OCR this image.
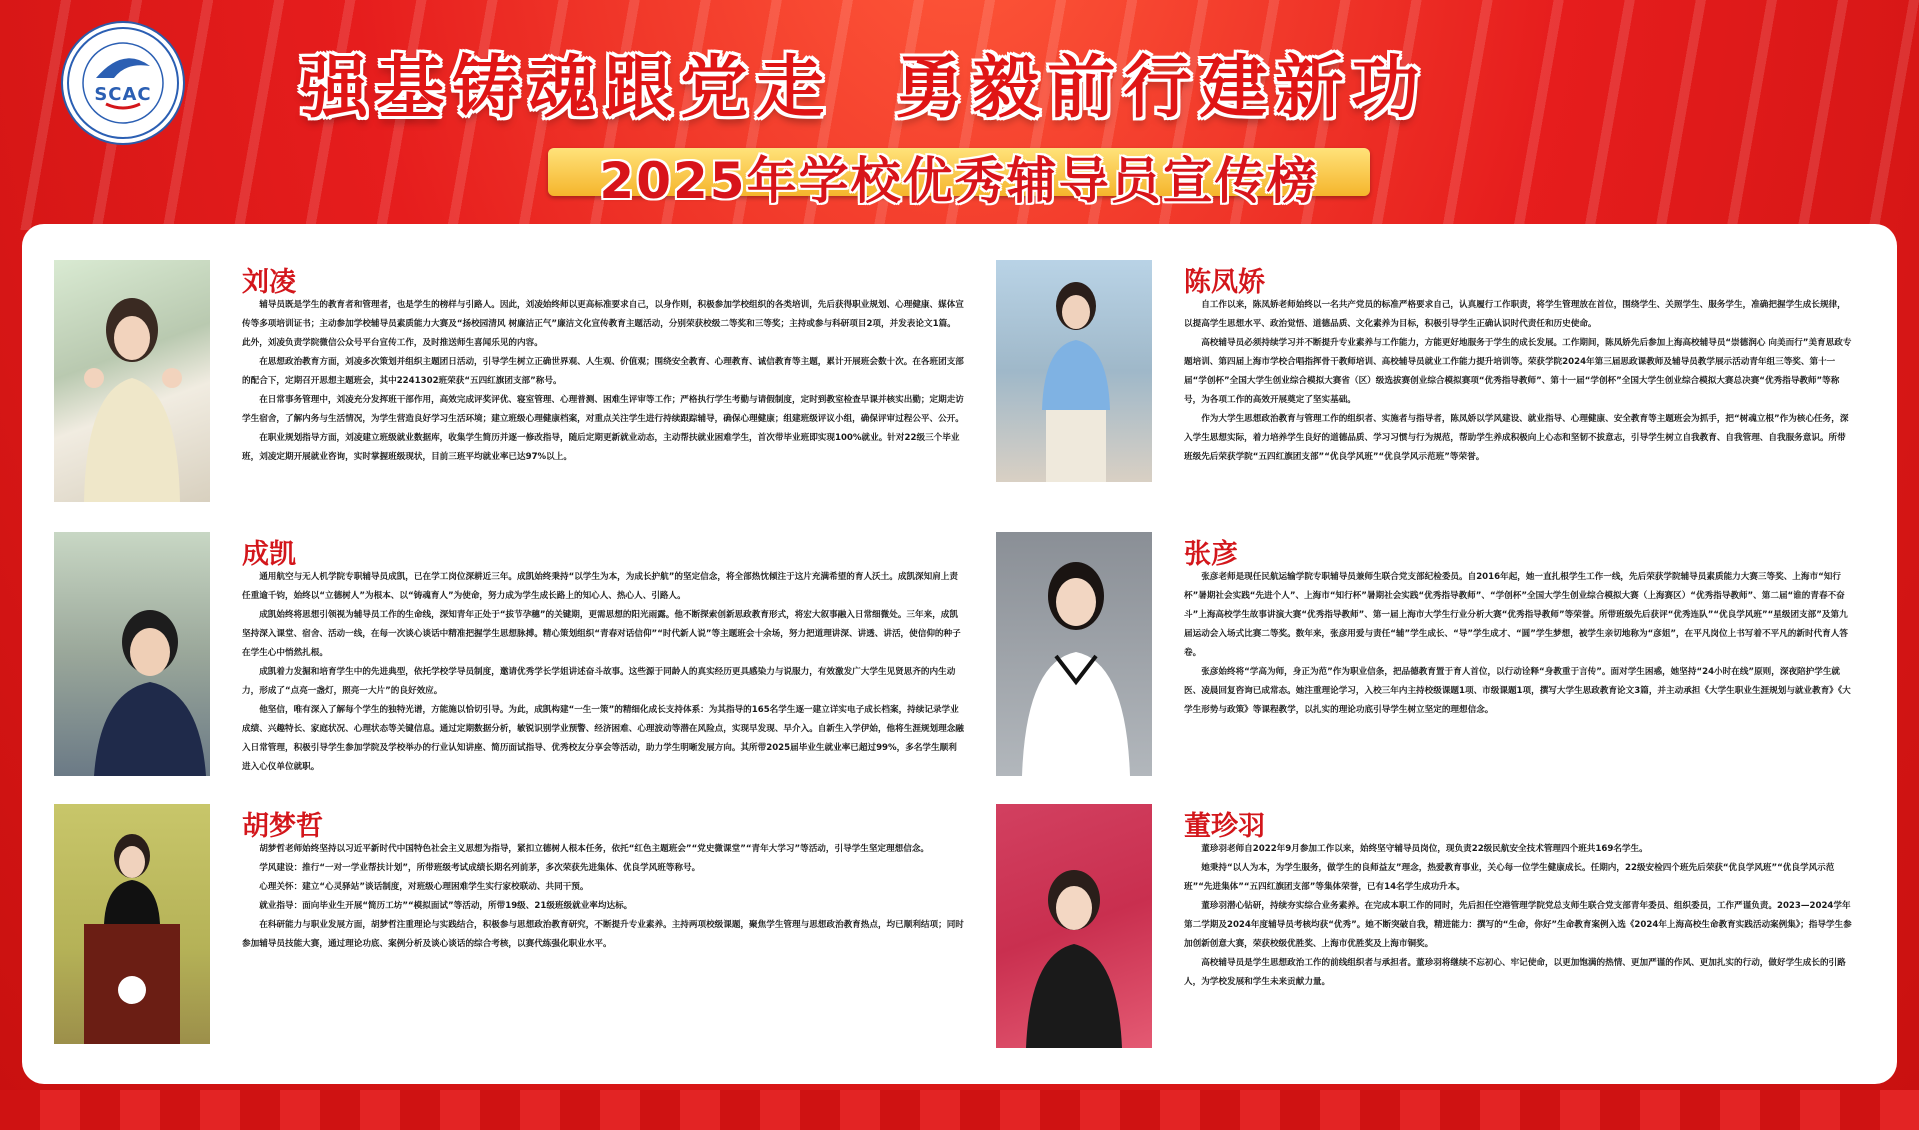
SCAC	强基铸魂跟党走 勇毅前行建新功
2025年学校优秀辅导员宣传榜
刘凌

辅导员既是学生的教育者和管理者，也是学生的榜样与引路人。因此，刘凌始终师以更高标准要求自己，以身作则，积极参加学校组织的各类培训，先后获得职业规划、心理健康、媒体宣传等多项培训证书；主动参加学校辅导员素质能力大赛及“扬校园清风 树廉洁正气”廉洁文化宣传教育主题活动，分别荣获校级二等奖和三等奖；主持或参与科研项目2项，并发表论文1篇。此外，刘凌负责学院微信公众号平台宣传工作，及时推送师生喜闻乐见的内容。

在思想政治教育方面，刘凌多次策划并组织主题团日活动，引导学生树立正确世界观、人生观、价值观；围绕安全教育、心理教育、诚信教育等主题，累计开展班会数十次。在各班团支部的配合下，定期召开思想主题班会，其中2241302班荣获“五四红旗团支部”称号。

在日常事务管理中，刘凌充分发挥班干部作用，高效完成评奖评优、寝室管理、心理普测、困难生评审等工作；严格执行学生考勤与请假制度，定时到教室检查早课并核实出勤；定期走访学生宿舍，了解内务与生活情况，为学生营造良好学习生活环境；建立班级心理健康档案，对重点关注学生进行持续跟踪辅导，确保心理健康；组建班级评议小组，确保评审过程公平、公开。

在职业规划指导方面，刘凌建立班级就业数据库，收集学生简历并逐一修改指导，随后定期更新就业动态，主动帮扶就业困难学生，首次带毕业班即实现100%就业。针对22级三个毕业班，刘凌定期开展就业咨询，实时掌握班级现状，目前三班平均就业率已达97%以上。

成凯

通用航空与无人机学院专职辅导员成凯，已在学工岗位深耕近三年。成凯始终秉持“以学生为本，为成长护航”的坚定信念，将全部热忱倾注于这片充满希望的育人沃土。成凯深知肩上责任重逾千钧，始终以“立德树人”为根本、以“铸魂育人”为使命，努力成为学生成长路上的知心人、热心人、引路人。

成凯始终将思想引领视为辅导员工作的生命线，深知青年正处于“拔节孕穗”的关键期，更需思想的阳光雨露。他不断探索创新思政教育形式，将宏大叙事融入日常细微处。三年来，成凯坚持深入课堂、宿舍、活动一线，在每一次谈心谈话中精准把握学生思想脉搏。精心策划组织“青春对话信仰”“时代新人说”等主题班会十余场，努力把道理讲深、讲透、讲活，使信仰的种子在学生心中悄然扎根。

成凯着力发掘和培育学生中的先进典型，依托学校学导员制度，邀请优秀学长学姐讲述奋斗故事。这些源于同龄人的真实经历更具感染力与说服力，有效激发广大学生见贤思齐的内生动力，形成了“点亮一盏灯，照亮一大片”的良好效应。

他坚信，唯有深入了解每个学生的独特光谱，方能施以恰切引导。为此，成凯构建“一生一策”的精细化成长支持体系：为其指导的165名学生逐一建立详实电子成长档案，持续记录学业成绩、兴趣特长、家庭状况、心理状态等关键信息。通过定期数据分析，敏锐识别学业预警、经济困难、心理波动等潜在风险点，实现早发现、早介入。自新生入学伊始，他将生涯规划理念融入日常管理，积极引导学生参加学院及学校举办的行业认知讲座、简历面试指导、优秀校友分享会等活动，助力学生明晰发展方向。其所带2025届毕业生就业率已超过99%，多名学生顺利进入心仪单位就职。

胡梦哲

胡梦哲老师始终坚持以习近平新时代中国特色社会主义思想为指导，紧扣立德树人根本任务，依托“红色主题班会”“党史微课堂”“青年大学习”等活动，引导学生坚定理想信念。

学风建设：推行“一对一学业帮扶计划”，所带班级考试成绩长期名列前茅，多次荣获先进集体、优良学风班等称号。

心理关怀：建立“心灵驿站”谈话制度，对班级心理困难学生实行家校联动、共同干预。

就业指导：面向毕业生开展“简历工坊”“模拟面试”等活动，所带19级、21级班级就业率均达标。

在科研能力与职业发展方面，胡梦哲注重理论与实践结合，积极参与思想政治教育研究，不断提升专业素养。主持两项校级课题，聚焦学生管理与思想政治教育热点，均已顺利结项；同时参加辅导员技能大赛，通过理论功底、案例分析及谈心谈话的综合考核，以赛代练强化职业水平。

陈凤娇

自工作以来，陈凤娇老师始终以一名共产党员的标准严格要求自己，认真履行工作职责，将学生管理放在首位，围绕学生、关照学生、服务学生，准确把握学生成长规律，以提高学生思想水平、政治觉悟、道德品质、文化素养为目标，积极引导学生正确认识时代责任和历史使命。

高校辅导员必须持续学习并不断提升专业素养与工作能力，方能更好地服务于学生的成长发展。工作期间，陈凤娇先后参加上海高校辅导员“崇德润心 向美而行”美育思政专题培训、第四届上海市学校合唱指挥骨干教师培训、高校辅导员就业工作能力提升培训等。荣获学院2024年第三届思政课教师及辅导员教学展示活动青年组三等奖、第十一届“学创杯”全国大学生创业综合模拟大赛省（区）级选拔赛创业综合模拟赛项“优秀指导教师”、第十一届“学创杯”全国大学生创业综合模拟大赛总决赛“优秀指导教师”等称号，为各项工作的高效开展奠定了坚实基础。

作为大学生思想政治教育与管理工作的组织者、实施者与指导者，陈凤娇以学风建设、就业指导、心理健康、安全教育等主题班会为抓手，把“树魂立根”作为核心任务，深入学生思想实际，着力培养学生良好的道德品质、学习习惯与行为规范，帮助学生养成积极向上心态和坚韧不拔意志，引导学生树立自我教育、自我管理、自我服务意识。所带班级先后荣获学院“五四红旗团支部”“优良学风班”“优良学风示范班”等荣誉。

张彦

张彦老师是现任民航运输学院专职辅导员兼师生联合党支部纪检委员。自2016年起，她一直扎根学生工作一线，先后荣获学院辅导员素质能力大赛三等奖、上海市“知行杯”暑期社会实践“先进个人”、上海市“知行杯”暑期社会实践“优秀指导教师”、“学创杯”全国大学生创业综合模拟大赛（上海赛区）“优秀指导教师”、第二届“谁的青春不奋斗”上海高校学生故事讲演大赛“优秀指导教师”、第一届上海市大学生行业分析大赛“优秀指导教师”等荣誉。所带班级先后获评“优秀连队”“优良学风班”“星级团支部”及第九届运动会入场式比赛二等奖。数年来，张彦用爱与责任“辅”学生成长、“导”学生成才、“圆”学生梦想，被学生亲切地称为“彦姐”，在平凡岗位上书写着不平凡的新时代育人答卷。

张彦始终将“学高为师，身正为范”作为职业信条，把品德教育置于育人首位，以行动诠释“身教重于言传”。面对学生困惑，她坚持“24小时在线”原则，深夜陪护学生就医、凌晨回复咨询已成常态。她注重理论学习，入校三年内主持校级课题1项、市级课题1项，撰写大学生思政教育论文3篇，并主动承担《大学生职业生涯规划与就业教育》《大学生形势与政策》等课程教学，以扎实的理论功底引导学生树立坚定的理想信念。

董珍羽

董珍羽老师自2022年9月参加工作以来，始终坚守辅导员岗位，现负责22级民航安全技术管理四个班共169名学生。

她秉持“以人为本，为学生服务，做学生的良师益友”理念，热爱教育事业，关心每一位学生健康成长。任期内，22级安检四个班先后荣获“优良学风班”“优良学风示范班”“先进集体”“五四红旗团支部”等集体荣誉，已有14名学生成功升本。

董珍羽潜心钻研，持续夯实综合业务素养。在完成本职工作的同时，先后担任空港管理学院党总支师生联合党支部青年委员、组织委员，工作严谨负责。2023—2024学年第二学期及2024年度辅导员考核均获“优秀”。她不断突破自我，精进能力：撰写的“生命，你好”生命教育案例入选《2024年上海高校生命教育实践活动案例集》；指导学生参加创新创意大赛，荣获校级优胜奖、上海市优胜奖及上海市铜奖。

高校辅导员是学生思想政治工作的前线组织者与承担者。董珍羽将继续不忘初心、牢记使命，以更加饱满的热情、更加严谨的作风、更加扎实的行动，做好学生成长的引路人，为学校发展和学生未来贡献力量。
